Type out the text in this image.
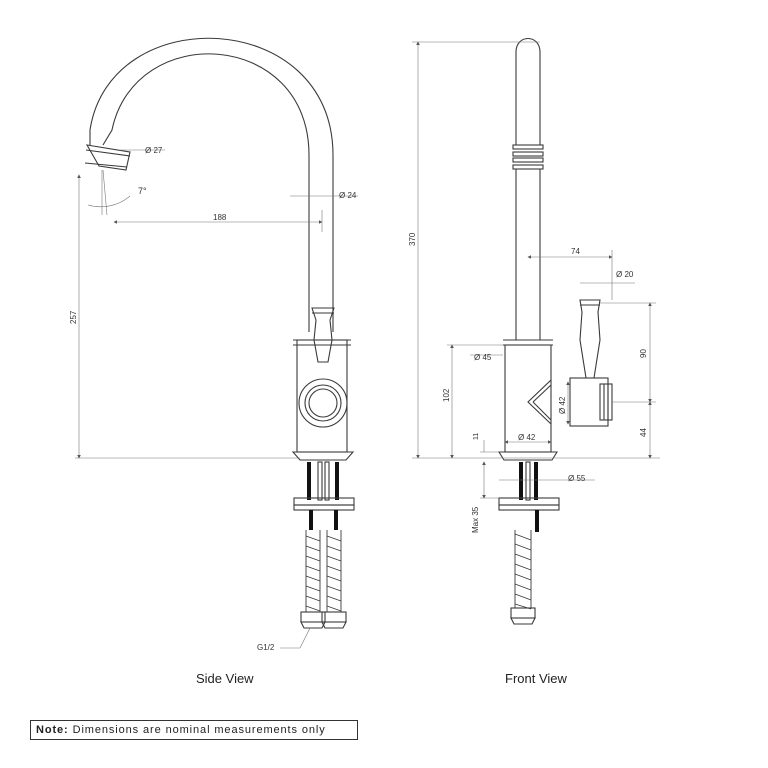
Ø 27
7°	Ø 24
188
257
G1/2
370
74
Ø 20
90
Ø 45
102
Ø 42
Ø 42
11	44
Ø 55
Max 35
Side View	Front View
Note: Dimensions are nominal measurements only
